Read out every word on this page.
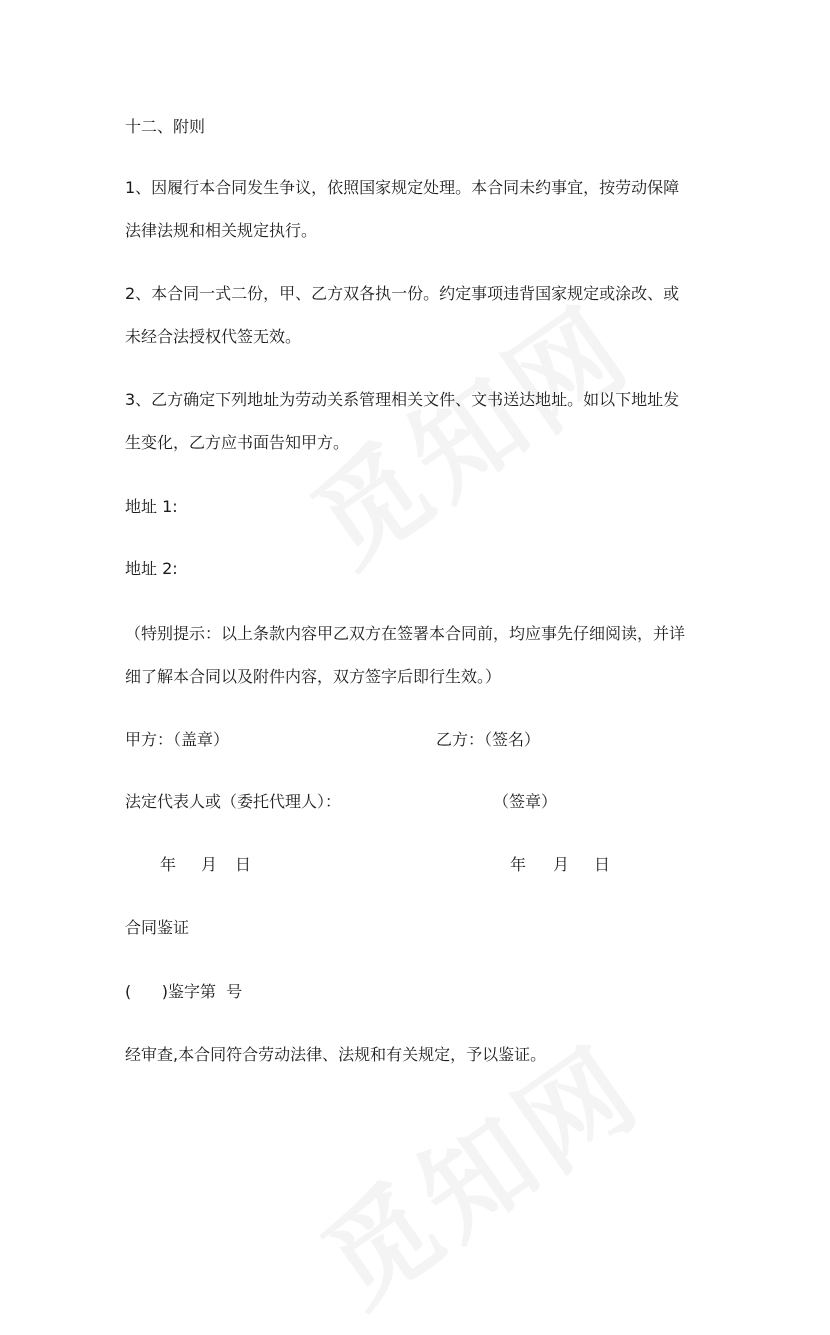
十二、附则
1、因履行本合同发生争议，依照国家规定处理。本合同未约事宜，按劳动保障
法律法规和相关规定执行。
2、本合同一式二份，甲、乙方双各执一份。约定事项违背国家规定或涂改、或
未经合法授权代签无效。
3、乙方确定下列地址为劳动关系管理相关文件、文书送达地址。如以下地址发
生变化，乙方应书面告知甲方。
地址 1:
地址 2:
（特别提示：以上条款内容甲乙双方在签署本合同前，均应事先仔细阅读，并详
细了解本合同以及附件内容，双方签字后即行生效。）
甲方：（盖章）	乙方：（签名）
法定代表人或（委托代理人）：	（签章）
年 月 日	年 月 日
合同鉴证
(      )鉴字第  号
经审查,本合同符合劳动法律、法规和有关规定，予以鉴证。
